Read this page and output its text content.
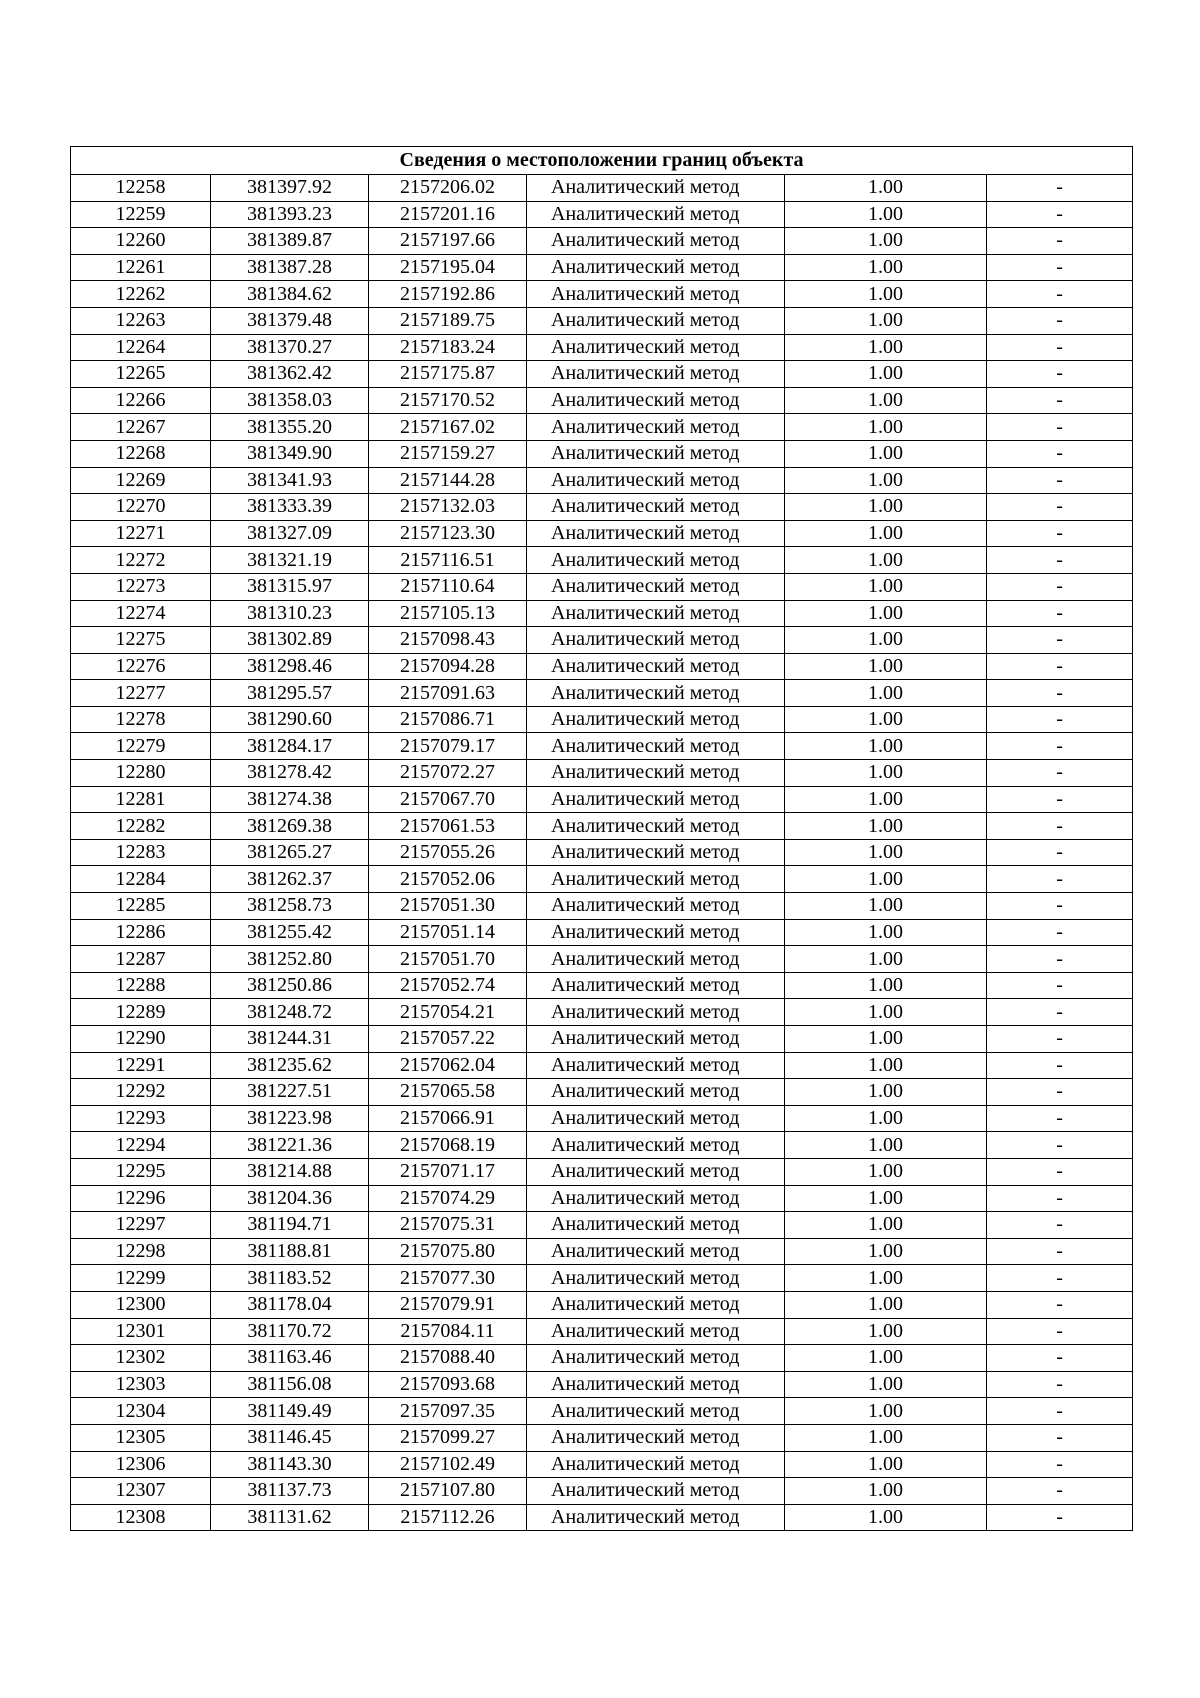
Сведения о местоположении границ объекта					
12258	381397.92	2157206.02	Аналитический метод	1.00	-
12259	381393.23	2157201.16	Аналитический метод	1.00	-
12260	381389.87	2157197.66	Аналитический метод	1.00	-
12261	381387.28	2157195.04	Аналитический метод	1.00	-
12262	381384.62	2157192.86	Аналитический метод	1.00	-
12263	381379.48	2157189.75	Аналитический метод	1.00	-
12264	381370.27	2157183.24	Аналитический метод	1.00	-
12265	381362.42	2157175.87	Аналитический метод	1.00	-
12266	381358.03	2157170.52	Аналитический метод	1.00	-
12267	381355.20	2157167.02	Аналитический метод	1.00	-
12268	381349.90	2157159.27	Аналитический метод	1.00	-
12269	381341.93	2157144.28	Аналитический метод	1.00	-
12270	381333.39	2157132.03	Аналитический метод	1.00	-
12271	381327.09	2157123.30	Аналитический метод	1.00	-
12272	381321.19	2157116.51	Аналитический метод	1.00	-
12273	381315.97	2157110.64	Аналитический метод	1.00	-
12274	381310.23	2157105.13	Аналитический метод	1.00	-
12275	381302.89	2157098.43	Аналитический метод	1.00	-
12276	381298.46	2157094.28	Аналитический метод	1.00	-
12277	381295.57	2157091.63	Аналитический метод	1.00	-
12278	381290.60	2157086.71	Аналитический метод	1.00	-
12279	381284.17	2157079.17	Аналитический метод	1.00	-
12280	381278.42	2157072.27	Аналитический метод	1.00	-
12281	381274.38	2157067.70	Аналитический метод	1.00	-
12282	381269.38	2157061.53	Аналитический метод	1.00	-
12283	381265.27	2157055.26	Аналитический метод	1.00	-
12284	381262.37	2157052.06	Аналитический метод	1.00	-
12285	381258.73	2157051.30	Аналитический метод	1.00	-
12286	381255.42	2157051.14	Аналитический метод	1.00	-
12287	381252.80	2157051.70	Аналитический метод	1.00	-
12288	381250.86	2157052.74	Аналитический метод	1.00	-
12289	381248.72	2157054.21	Аналитический метод	1.00	-
12290	381244.31	2157057.22	Аналитический метод	1.00	-
12291	381235.62	2157062.04	Аналитический метод	1.00	-
12292	381227.51	2157065.58	Аналитический метод	1.00	-
12293	381223.98	2157066.91	Аналитический метод	1.00	-
12294	381221.36	2157068.19	Аналитический метод	1.00	-
12295	381214.88	2157071.17	Аналитический метод	1.00	-
12296	381204.36	2157074.29	Аналитический метод	1.00	-
12297	381194.71	2157075.31	Аналитический метод	1.00	-
12298	381188.81	2157075.80	Аналитический метод	1.00	-
12299	381183.52	2157077.30	Аналитический метод	1.00	-
12300	381178.04	2157079.91	Аналитический метод	1.00	-
12301	381170.72	2157084.11	Аналитический метод	1.00	-
12302	381163.46	2157088.40	Аналитический метод	1.00	-
12303	381156.08	2157093.68	Аналитический метод	1.00	-
12304	381149.49	2157097.35	Аналитический метод	1.00	-
12305	381146.45	2157099.27	Аналитический метод	1.00	-
12306	381143.30	2157102.49	Аналитический метод	1.00	-
12307	381137.73	2157107.80	Аналитический метод	1.00	-
12308	381131.62	2157112.26	Аналитический метод	1.00	-
